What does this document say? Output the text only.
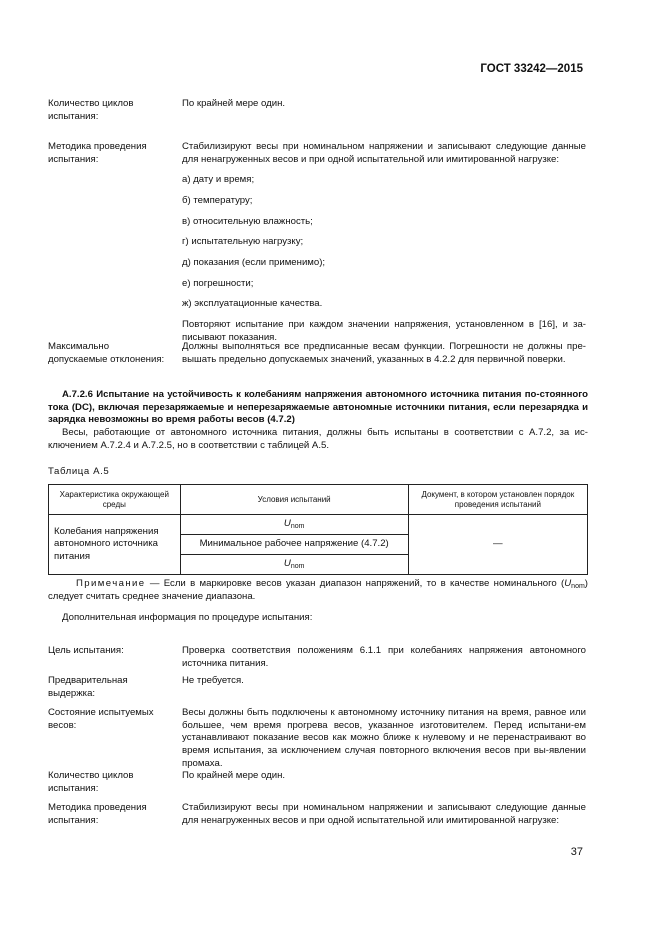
ГОСТ 33242—2015
Количество циклов испытания:

По крайней мере один.

Методика проведения испытания:

Стабилизируют весы при номинальном напряжении и записывают следующие данные для ненагруженных весов и при одной испытательной или имитированной нагрузке:

а) дату и время;

б) температуру;

в) относительную влажность;

г) испытательную нагрузку;

д) показания (если применимо);

е) погрешности;

ж) эксплуатационные качества.

Повторяют испытание при каждом значении напряжения, установленном в [16], и за-писывают показания.

Максимально допускаемые отклонения:

Должны выполняться все предписанные весам функции. Погрешности не должны пре-вышать предельно допускаемых значений, указанных в 4.2.2 для первичной поверки.

А.7.2.6 Испытание на устойчивость к колебаниям напряжения автономного источника питания по-стоянного тока (DC), включая перезаряжаемые и неперезаряжаемые автономные источники питания, если перезарядка и зарядка невозможны во время работы весов (4.7.2)

Весы, работающие от автономного источника питания, должны быть испытаны в соответствии с А.7.2, за ис-ключением А.7.2.4 и А.7.2.5, но в соответствии с таблицей А.5.

Таблица А.5
Характеристика окружающей среды	Условия испытаний	Документ, в котором установлен порядок проведения испытаний
Колебания напряжения автономного источника питания	$U_{nom}$	—
	Минимальное рабочее напряжение (4.7.2)	
	$U_{nom}$
Примечание — Если в маркировке весов указан диапазон напряжений, то в качестве номинального $(U_{nom})$ следует считать среднее значение диапазона.
Дополнительная информация по процедуре испытания:
Цель испытания:	Проверка соответствия положениям 6.1.1 при колебаниях напряжения автономного источника питания.

Предварительная выдержка:

Не требуется.

Состояние испытуемых весов:

Весы должны быть подключены к автономному источнику питания на время, равное или большее, чем время прогрева весов, указанное изготовителем. Перед испытани-ем устанавливают показание весов как можно ближе к нулевому и не перенастраивают во время испытания, за исключением случая повторного включения весов при вы-явлении промаха.

Количество циклов испытания:

По крайней мере один.

Методика проведения испытания:

Стабилизируют весы при номинальном напряжении и записывают следующие данные для ненагруженных весов и при одной испытательной или имитированной нагрузке:

37
